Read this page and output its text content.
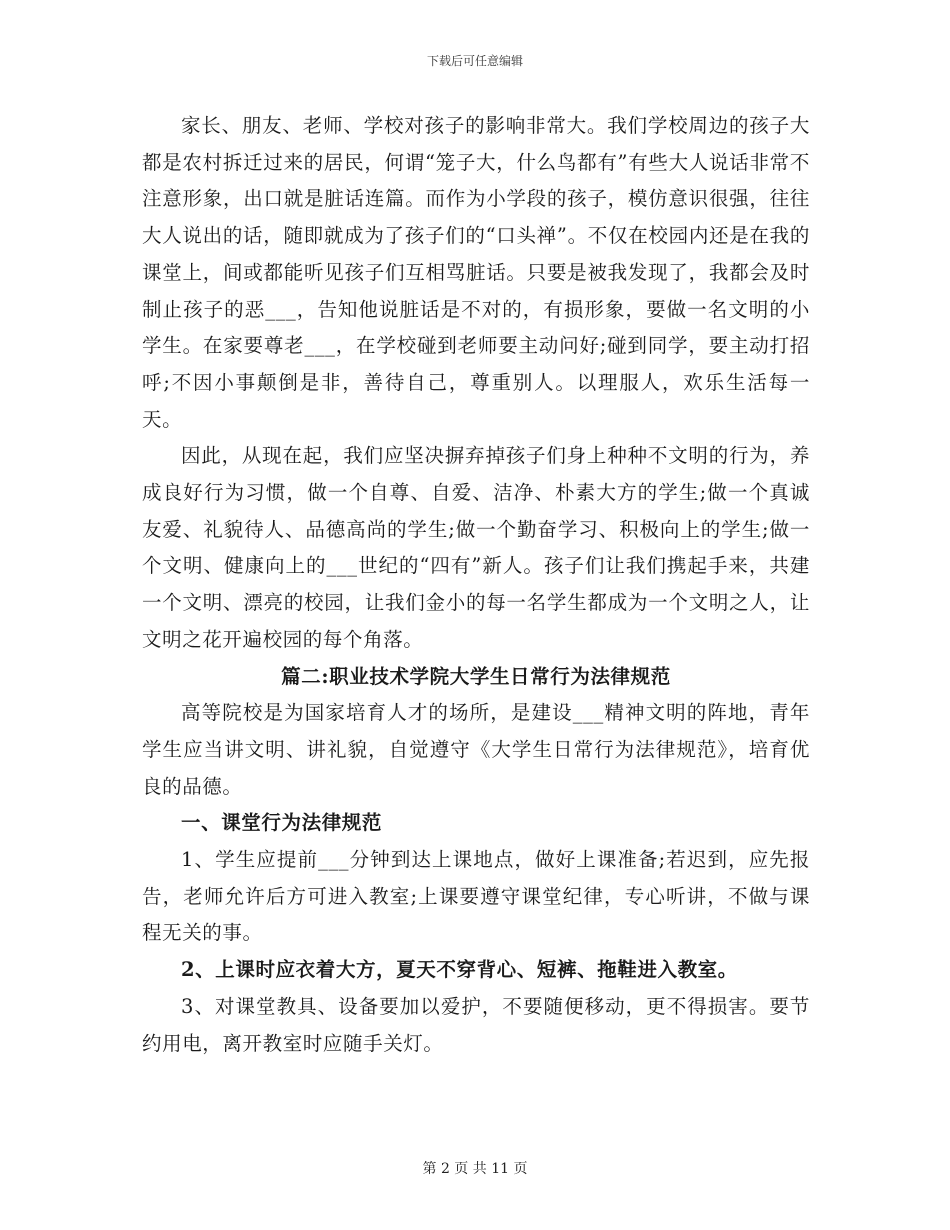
下载后可任意编辑

家长、朋友、老师、学校对孩子的影响非常大。我们学校周边的孩子大都是农村拆迁过来的居民，何谓“笼子大，什么鸟都有”有些大人说话非常不注意形象，出口就是脏话连篇。而作为小学段的孩子，模仿意识很强，往往大人说出的话，随即就成为了孩子们的“口头禅”。不仅在校园内还是在我的课堂上，间或都能听见孩子们互相骂脏话。只要是被我发现了，我都会及时制止孩子的恶___，告知他说脏话是不对的，有损形象，要做一名文明的小学生。在家要尊老___，在学校碰到老师要主动问好;碰到同学，要主动打招呼;不因小事颠倒是非，善待自己，尊重别人。以理服人，欢乐生活每一天。

因此，从现在起，我们应坚决摒弃掉孩子们身上种种不文明的行为，养成良好行为习惯，做一个自尊、自爱、洁净、朴素大方的学生;做一个真诚友爱、礼貌待人、品德高尚的学生;做一个勤奋学习、积极向上的学生;做一个文明、健康向上的___世纪的“四有”新人。孩子们让我们携起手来，共建一个文明、漂亮的校园，让我们金小的每一名学生都成为一个文明之人，让文明之花开遍校园的每个角落。

篇二:职业技术学院大学生日常行为法律规范

高等院校是为国家培育人才的场所，是建设___精神文明的阵地，青年学生应当讲文明、讲礼貌，自觉遵守《大学生日常行为法律规范》，培育优良的品德。

一、课堂行为法律规范

1、学生应提前___分钟到达上课地点，做好上课准备;若迟到，应先报告，老师允许后方可进入教室;上课要遵守课堂纪律，专心听讲，不做与课程无关的事。

2、上课时应衣着大方，夏天不穿背心、短裤、拖鞋进入教室。

3、对课堂教具、设备要加以爱护，不要随便移动，更不得损害。要节约用电，离开教室时应随手关灯。

第 2 页 共 11 页
